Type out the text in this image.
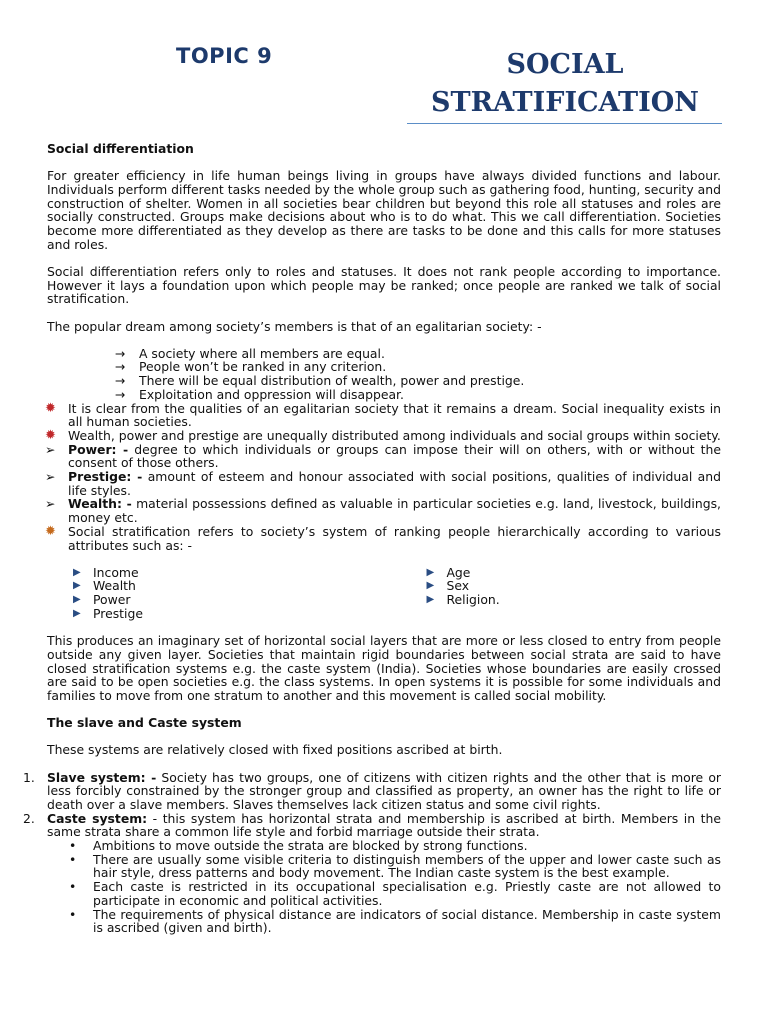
TOPIC 9	SOCIAL
STRATIFICATION

Social differentiation

For greater efficiency in life human beings living in groups have always divided functions and labour. Individuals perform different tasks needed by the whole group such as gathering food, hunting, security and construction of shelter. Women in all societies bear children but beyond this role all statuses and roles are socially constructed. Groups make decisions about who is to do what. This we call differentiation. Societies become more differentiated as they develop as there are tasks to be done and this calls for more statuses and roles.

Social differentiation refers only to roles and statuses. It does not rank people according to importance. However it lays a foundation upon which people may be ranked; once people are ranked we talk of social stratification.

The popular dream among society’s members is that of an egalitarian society: -

→	A society where all members are equal.
→	People won’t be ranked in any criterion.
→	There will be equal distribution of wealth, power and prestige.
→	Exploitation and oppression will disappear.
✹ It is clear from the qualities of an egalitarian society that it remains a dream. Social inequality exists in all human societies.
✹ Wealth, power and prestige are unequally distributed among individuals and social groups within society.
➢	Power: - degree to which individuals or groups can impose their will on others, with or without the consent of those others.
➢	Prestige: - amount of esteem and honour associated with social positions, qualities of individual and life styles.
➢	Wealth: - material possessions defined as valuable in particular societies e.g. land, livestock, buildings, money etc.
✹ Social stratification refers to society’s system of ranking people hierarchically according to various attributes such as: -
▶ Income
▶ Wealth
▶ Power
▶ Prestige
▶ Age
▶ Sex
▶ Religion.

This produces an imaginary set of horizontal social layers that are more or less closed to entry from people outside any given layer. Societies that maintain rigid boundaries between social strata are said to have closed stratification systems e.g. the caste system (India). Societies whose boundaries are easily crossed are said to be open societies e.g. the class systems. In open systems it is possible for some individuals and families to move from one stratum to another and this movement is called social mobility.

The slave and Caste system

These systems are relatively closed with fixed positions ascribed at birth.

1. Slave system: - Society has two groups, one of citizens with citizen rights and the other that is more or less forcibly constrained by the stronger group and classified as property, an owner has the right to life or death over a slave members. Slaves themselves lack citizen status and some civil rights.
2. Caste system: - this system has horizontal strata and membership is ascribed at birth. Members in the same strata share a common life style and forbid marriage outside their strata.
•	Ambitions to move outside the strata are blocked by strong functions.
•	There are usually some visible criteria to distinguish members of the upper and lower caste such as hair style, dress patterns and body movement. The Indian caste system is the best example.
•	Each caste is restricted in its occupational specialisation e.g. Priestly caste are not allowed to participate in economic and political activities.
•	The requirements of physical distance are indicators of social distance. Membership in caste system is ascribed (given and birth).
